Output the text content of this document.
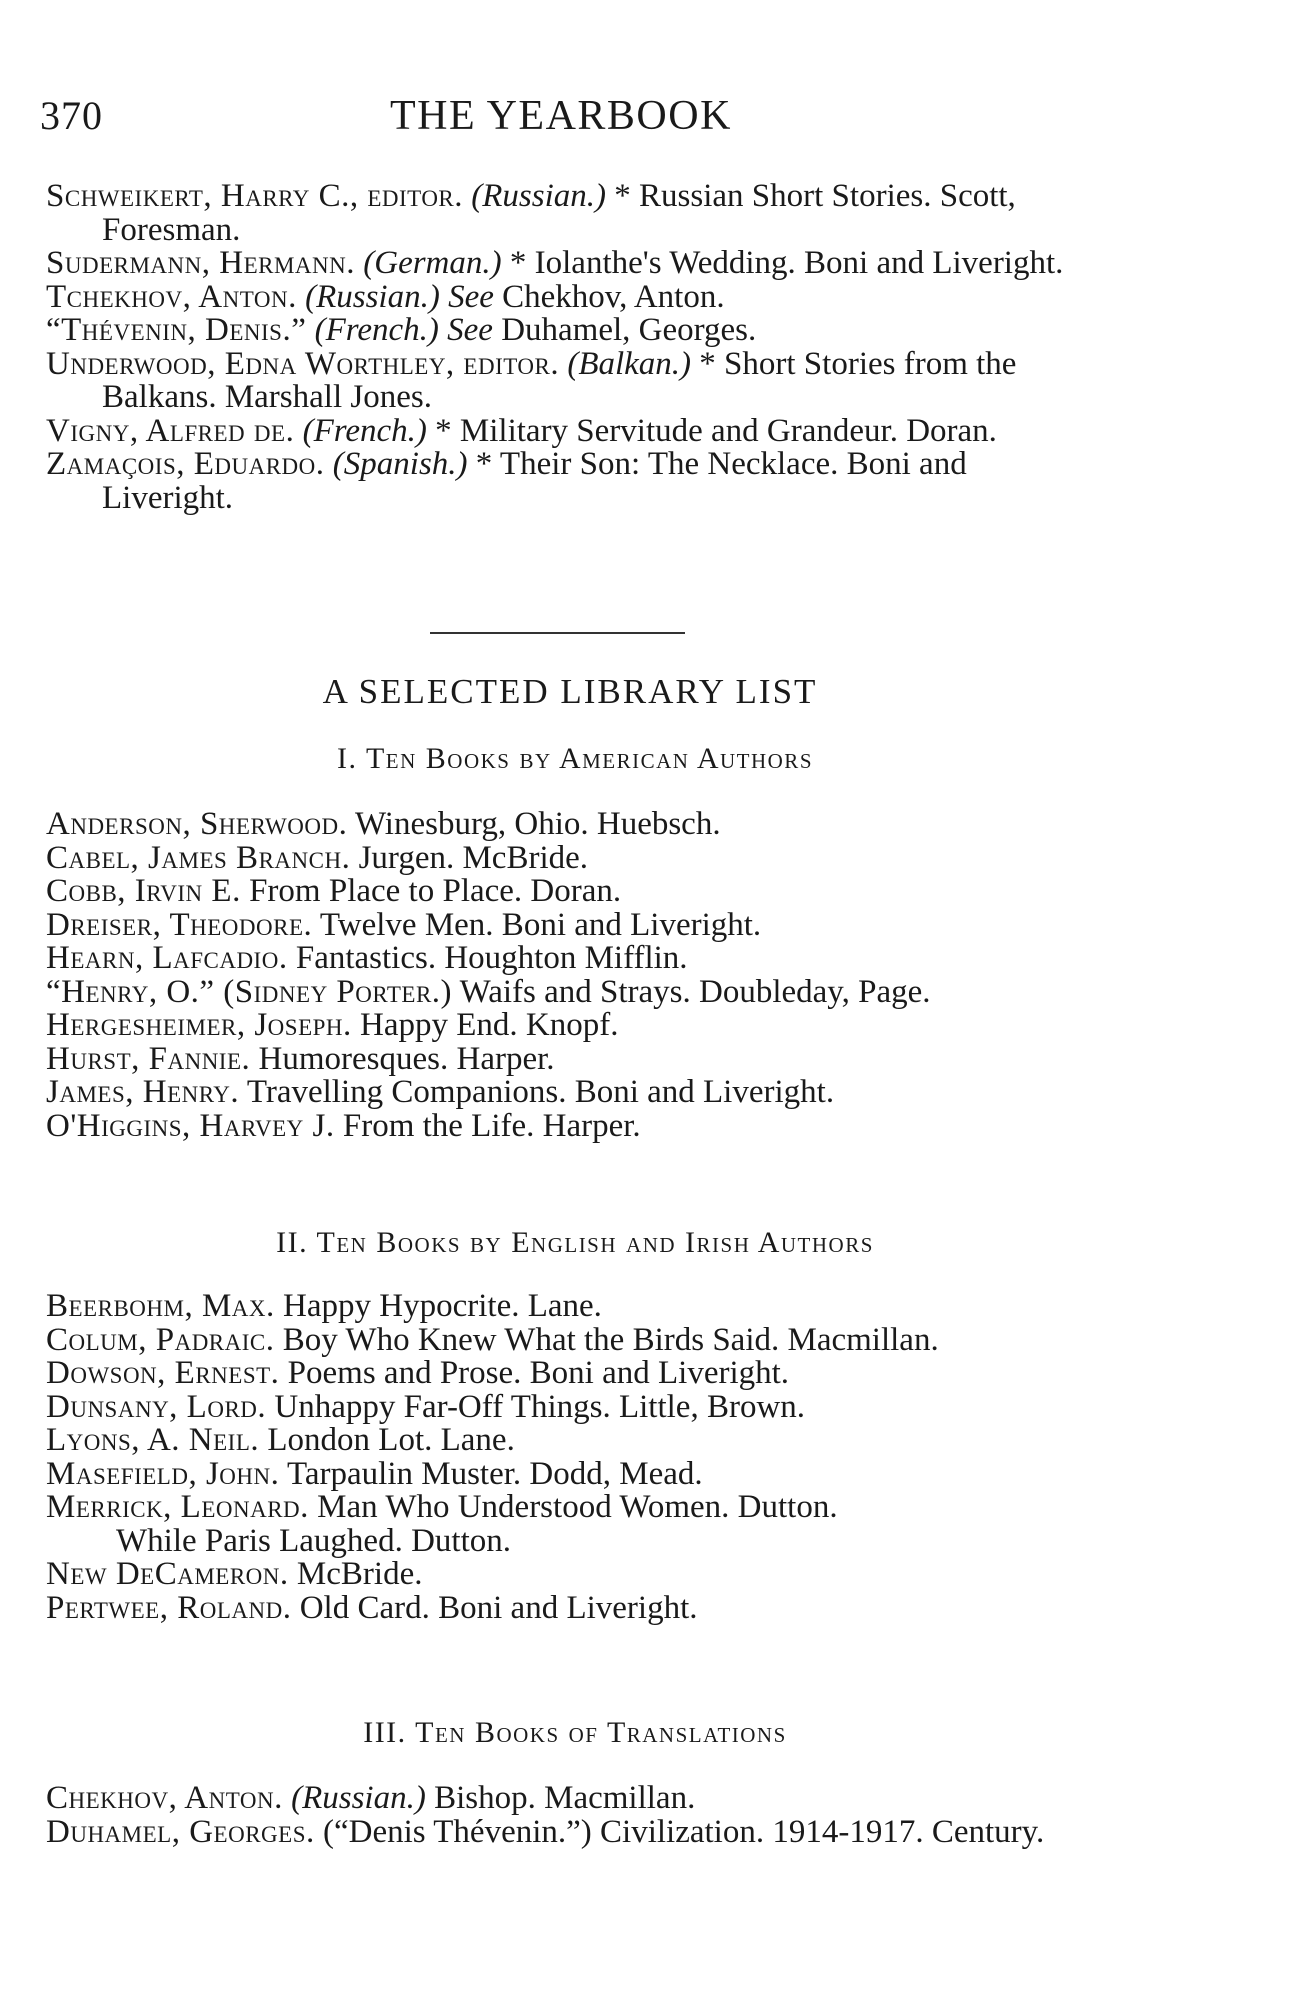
370	THE YEARBOOK

Schweikert, Harry C., editor. (Russian.) * Russian Short Stories. Scott, Foresman.

Sudermann, Hermann. (German.) * Iolanthe's Wedding. Boni and Liveright.

Tchekhov, Anton. (Russian.) See Chekhov, Anton.

“Thévenin, Denis.” (French.) See Duhamel, Georges.

Underwood, Edna Worthley, editor. (Balkan.) * Short Stories from the Balkans. Marshall Jones.

Vigny, Alfred de. (French.) * Military Servitude and Grandeur. Doran.

Zamaçois, Eduardo. (Spanish.) * Their Son: The Necklace. Boni and Liveright.

A SELECTED LIBRARY LIST
I. Ten Books by American Authors

Anderson, Sherwood. Winesburg, Ohio. Huebsch.

Cabel, James Branch. Jurgen. McBride.

Cobb, Irvin E. From Place to Place. Doran.

Dreiser, Theodore. Twelve Men. Boni and Liveright.

Hearn, Lafcadio. Fantastics. Houghton Mifflin.

“Henry, O.” (Sidney Porter.) Waifs and Strays. Doubleday, Page.

Hergesheimer, Joseph. Happy End. Knopf.

Hurst, Fannie. Humoresques. Harper.

James, Henry. Travelling Companions. Boni and Liveright.

O'Higgins, Harvey J. From the Life. Harper.

II. Ten Books by English and Irish Authors

Beerbohm, Max. Happy Hypocrite. Lane.

Colum, Padraic. Boy Who Knew What the Birds Said. Macmillan.

Dowson, Ernest. Poems and Prose. Boni and Liveright.

Dunsany, Lord. Unhappy Far-Off Things. Little, Brown.

Lyons, A. Neil. London Lot. Lane.

Masefield, John. Tarpaulin Muster. Dodd, Mead.

Merrick, Leonard. Man Who Understood Women. Dutton.

While Paris Laughed. Dutton.

New DeCameron. McBride.

Pertwee, Roland. Old Card. Boni and Liveright.

III. Ten Books of Translations

Chekhov, Anton. (Russian.) Bishop. Macmillan.

Duhamel, Georges. (“Denis Thévenin.”) Civilization. 1914-1917. Century.
